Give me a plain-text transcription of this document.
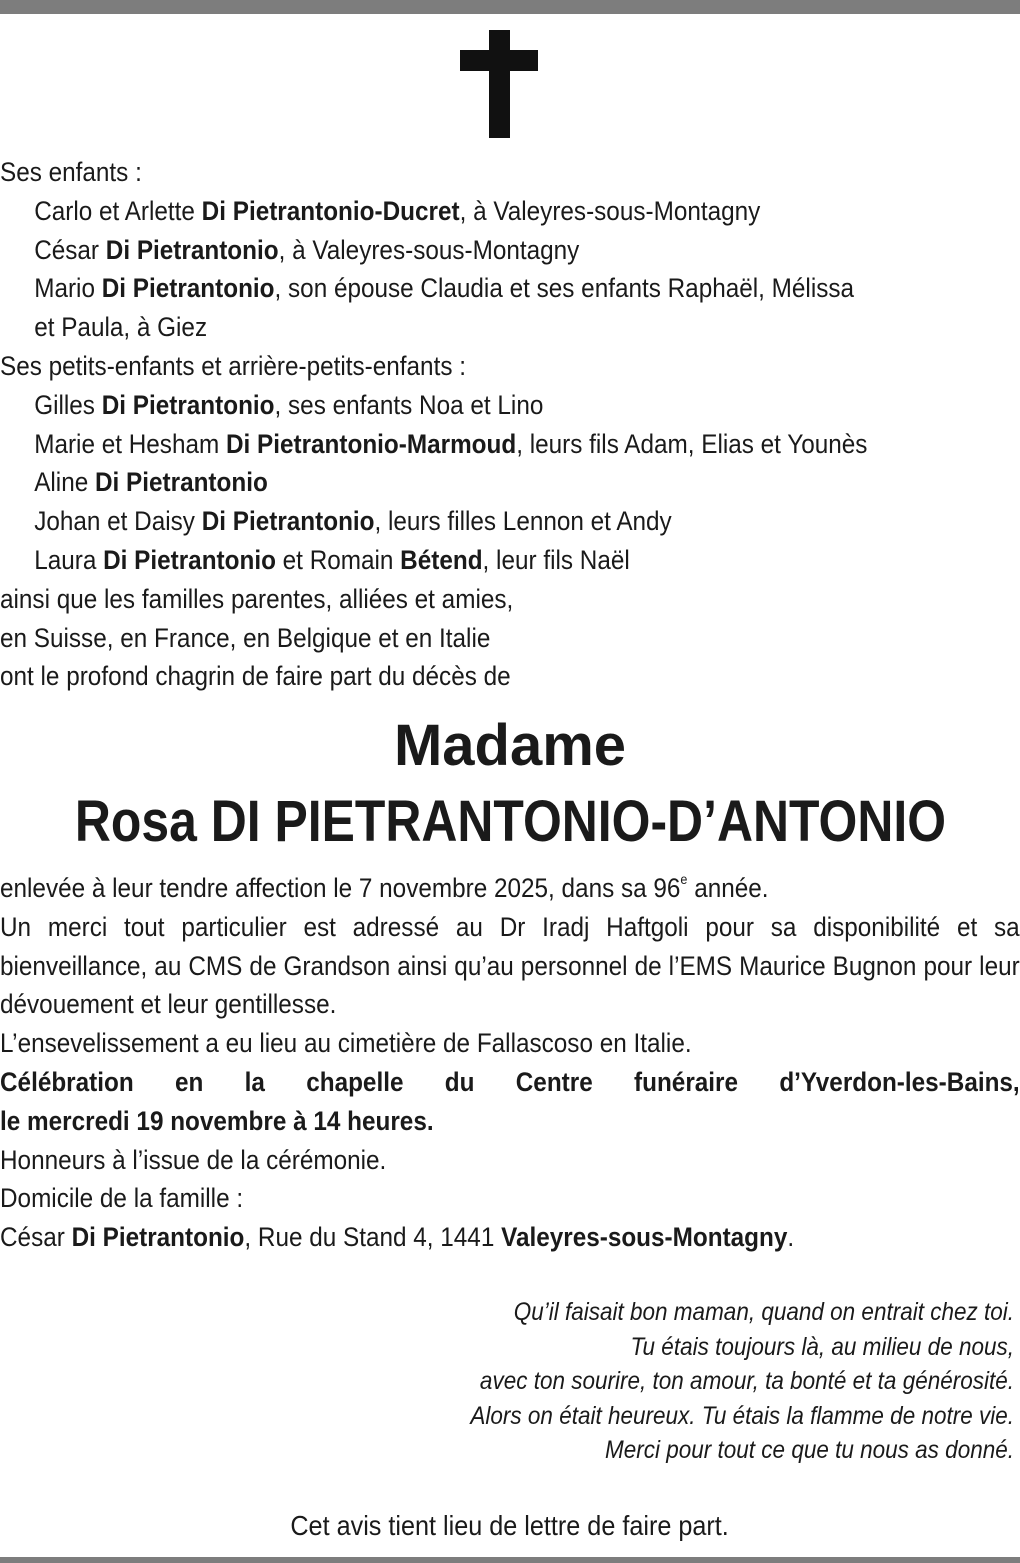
Ses enfants :

Carlo et Arlette Di Pietrantonio-Ducret, à Valeyres-sous-Montagny

César Di Pietrantonio, à Valeyres-sous-Montagny

Mario Di Pietrantonio, son épouse Claudia et ses enfants Raphaël, Mélissa

et Paula, à Giez

Ses petits-enfants et arrière-petits-enfants :

Gilles Di Pietrantonio, ses enfants Noa et Lino

Marie et Hesham Di Pietrantonio-Marmoud, leurs fils Adam, Elias et Younès

Aline Di Pietrantonio

Johan et Daisy Di Pietrantonio, leurs filles Lennon et Andy

Laura Di Pietrantonio et Romain Bétend, leur fils Naël

ainsi que les familles parentes, alliées et amies,

en Suisse, en France, en Belgique et en Italie

ont le profond chagrin de faire part du décès de

Madame
Rosa DI PIETRANTONIO-D’ANTONIO

enlevée à leur tendre affection le 7 novembre 2025, dans sa 96e année.

Un merci tout particulier est adressé au Dr Iradj Haftgoli pour sa disponibilité et sa bienveillance, au CMS de Grandson ainsi qu’au personnel de l’EMS Maurice Bugnon pour leur dévouement et leur gentillesse.

L’ensevelissement a eu lieu au cimetière de Fallascoso en Italie.

Célébration en la chapelle du Centre funéraire d’Yverdon-les-Bains,

le mercredi 19 novembre à 14 heures.

Honneurs à l’issue de la cérémonie.

Domicile de la famille :

César Di Pietrantonio, Rue du Stand 4, 1441 Valeyres-sous-Montagny.

Qu’il faisait bon maman, quand on entrait chez toi.
Tu étais toujours là, au milieu de nous,
avec ton sourire, ton amour, ta bonté et ta générosité.
Alors on était heureux. Tu étais la flamme de notre vie.
Merci pour tout ce que tu nous as donné.
Cet avis tient lieu de lettre de faire part.
